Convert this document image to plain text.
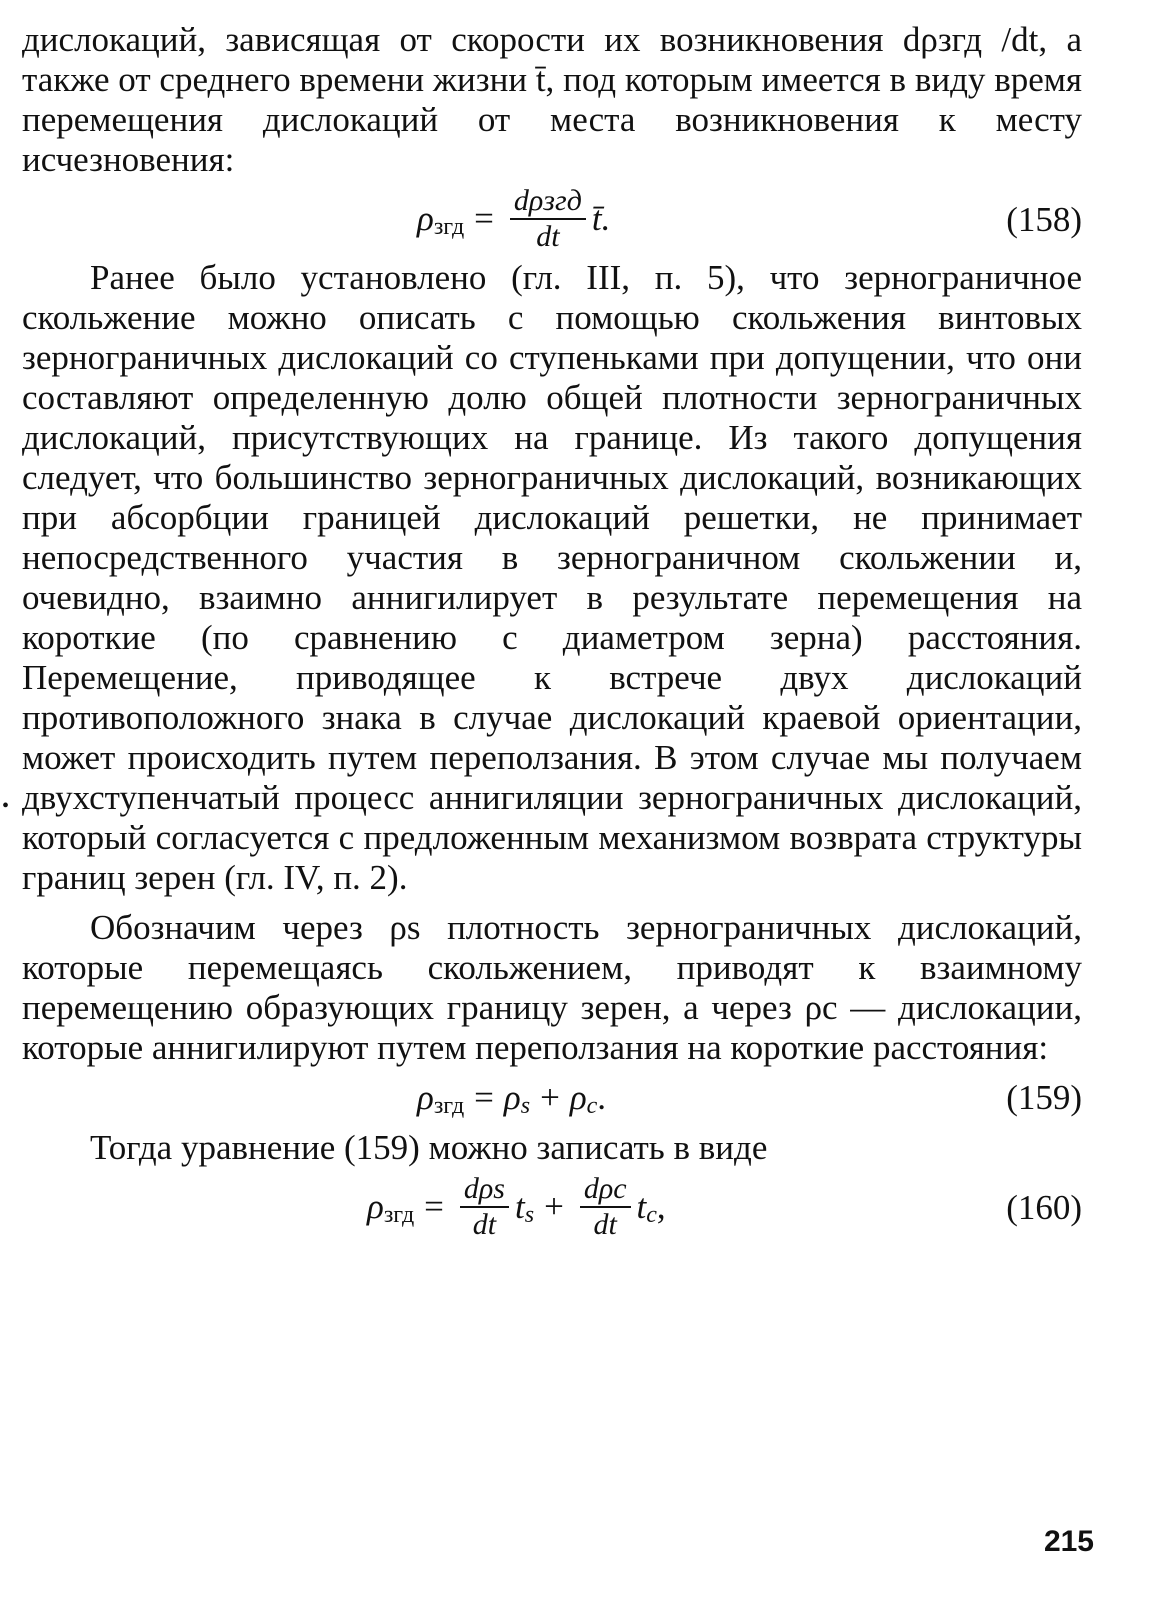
•

дислокаций, зависящая от скорости их возникновения dρзгд /dt, а также от среднего времени жизни t̄, под которым имеется в виду время перемещения дислокаций от места возникновения к месту исчезновения:

ρ згд = $\frac{\text{dρзгд}}{dt}$ t̄.	(158)

Ранее было установлено (гл. III, п. 5), что зернограничное скольжение можно описать с помощью скольжения винтовых зернограничных дислокаций со ступеньками при допущении, что они составляют определенную долю общей плотности зернограничных дислокаций, присутствующих на границе. Из такого допущения следует, что большинство зернограничных дислокаций, возникающих при абсорбции границей дислокаций решетки, не принимает непосредственного участия в зернограничном скольжении и, очевидно, взаимно аннигилирует в результате перемещения на короткие (по сравнению с диаметром зерна) расстояния. Перемещение, приводящее к встрече двух дислокаций противоположного знака в случае дислокаций краевой ориентации, может происходить путем переползания. В этом случае мы получаем двухступенчатый процесс аннигиляции зернограничных дислокаций, который согласуется с предложенным механизмом возврата структуры границ зерен (гл. IV, п. 2).

Обозначим через ρs плотность зернограничных дислокаций, которые перемещаясь скольжением, приводят к взаимному перемещению образующих границу зерен, а через ρc — дислокации, которые аннигилируют путем переползания на короткие расстояния:

ρ згд = ρ s + ρ c .	(159)

Тогда уравнение (159) можно записать в виде

ρ згд = $\frac{\text{dρs}}{dt}$ t $s + \frac{\text{dρc}}{dt}$ t c ,	(160)
215
